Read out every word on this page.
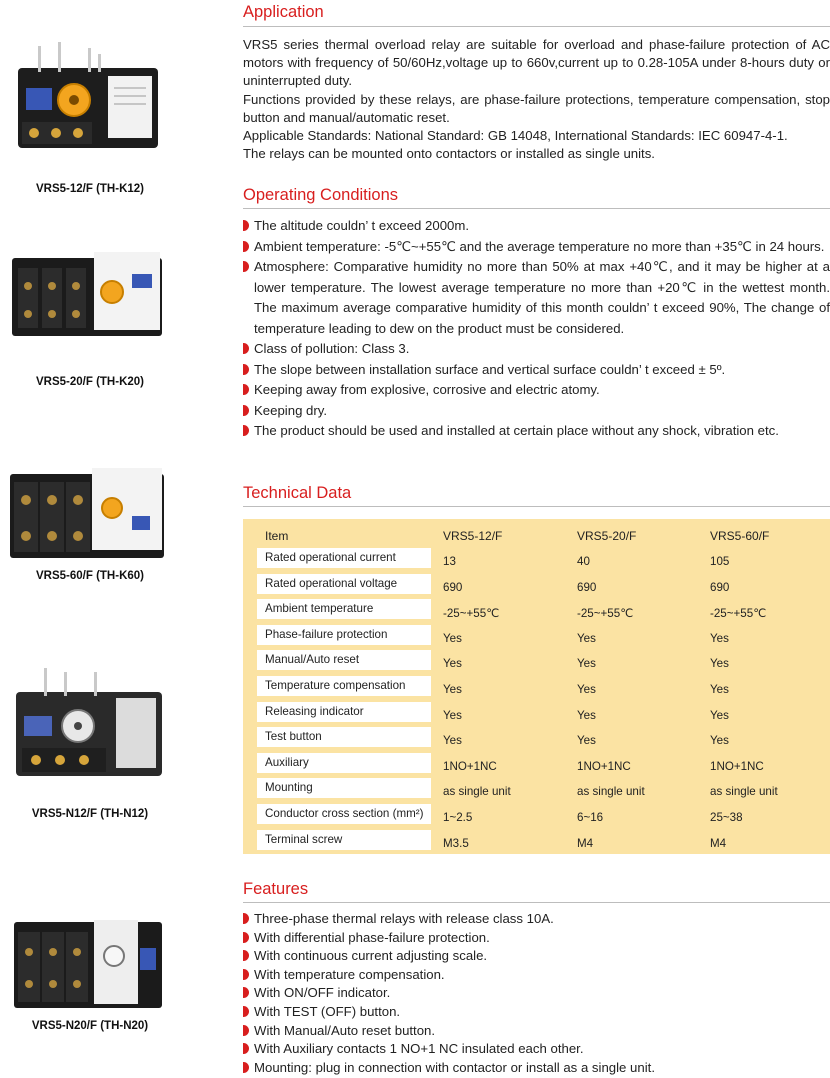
VRS5-12/F (TH-K12)
VRS5-20/F (TH-K20)
VRS5-60/F (TH-K60)
VRS5-N12/F (TH-N12)
VRS5-N20/F (TH-N20)
Application

VRS5 series thermal overload relay are suitable for overload and phase-failure protection of AC motors with frequency of 50/60Hz,voltage up to 660v,current up to 0.28-105A under 8-hours duty or uninterrupted duty.

Functions provided by these relays, are phase-failure protections, temperature compensation, stop button and manual/automatic reset.

Applicable Standards: National Standard: GB 14048, International Standards: IEC 60947-4-1.

The relays can be mounted onto contactors or installed as single units.

Operating Conditions
The altitude couldn’ t exceed 2000m.
Ambient temperature: -5℃~+55℃ and the average temperature no more than +35℃ in 24 hours.
Atmosphere: Comparative humidity no more than 50% at max +40℃, and it may be higher at a lower temperature. The lowest average temperature no more than +20℃ in the wettest month. The maximum average comparative humidity of this month couldn’ t exceed 90%, The change of temperature leading to dew on the product must be considered.
Class of pollution: Class 3.
The slope between installation surface and vertical surface couldn’ t exceed ± 5º.
Keeping away from explosive, corrosive and electric atomy.
Keeping dry.
The product should be used and installed at certain place without any shock, vibration etc.
Technical Data
Item	VRS5-12/F	VRS5-20/F	VRS5-60/F
Rated operational current	13	40	105
Rated operational voltage	690	690	690
Ambient temperature	-25~+55℃	-25~+55℃	-25~+55℃
Phase-failure protection	Yes	Yes	Yes
Manual/Auto reset	Yes	Yes	Yes
Temperature compensation	Yes	Yes	Yes
Releasing indicator	Yes	Yes	Yes
Test button	Yes	Yes	Yes
Auxiliary	1NO+1NC	1NO+1NC	1NO+1NC
Mounting	as single unit	as single unit	as single unit
Conductor cross section (mm²)	1~2.5	6~16	25~38
Terminal screw	M3.5	M4	M4
Features
Three-phase thermal relays with release class 10A.
With differential phase-failure protection.
With continuous current adjusting scale.
With temperature compensation.
With ON/OFF indicator.
With TEST (OFF) button.
With Manual/Auto reset button.
With Auxiliary contacts 1 NO+1 NC insulated each other.
Mounting: plug in connection with contactor or install as a single unit.
